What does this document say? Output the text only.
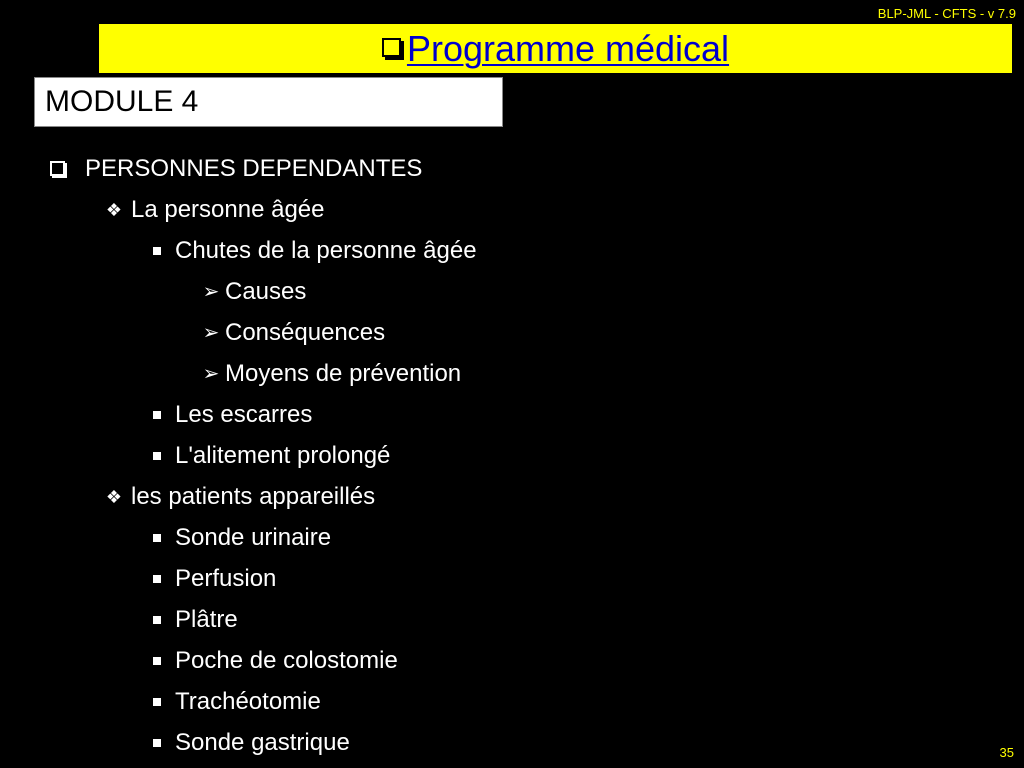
BLP-JML - CFTS - v 7.9
Programme médical
MODULE 4
PERSONNES DEPENDANTES
❖ La personne âgée
Chutes de la personne âgée
➢ Causes
➢ Conséquences
➢ Moyens de prévention
Les escarres
L'alitement prolongé
❖ les patients appareillés
Sonde urinaire
Perfusion
Plâtre
Poche de colostomie
Trachéotomie
Sonde gastrique	35
